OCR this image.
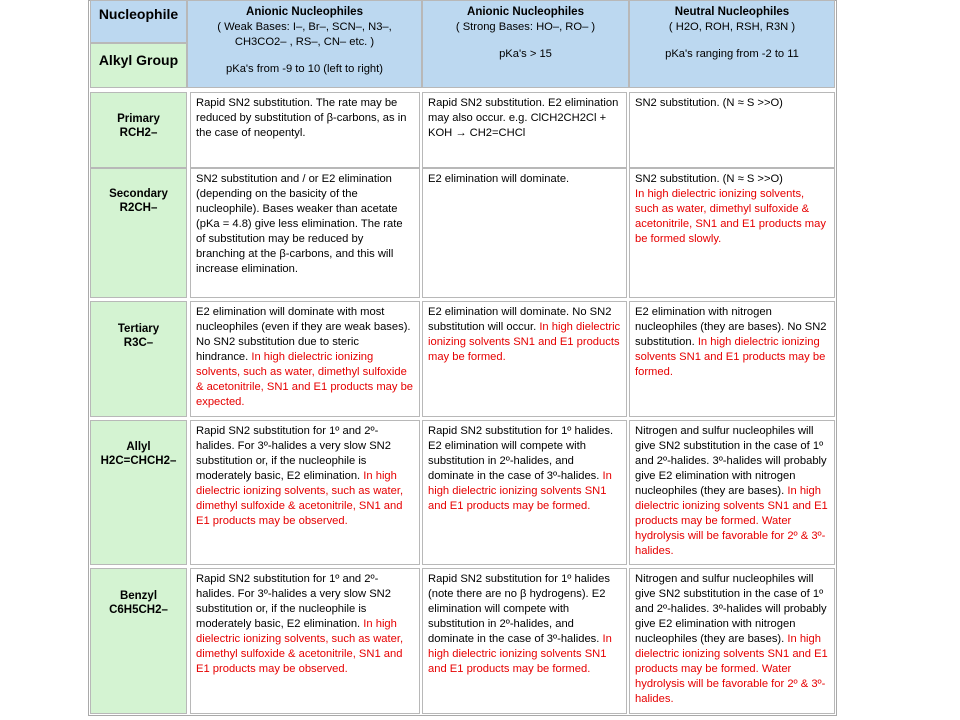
Nucleophile
Alkyl Group
Anionic Nucleophiles
( Weak Bases: I–, Br–, SCN–, N3–,
CH3CO2– , RS–, CN– etc. )
pKa's from -9 to 10 (left to right)
Anionic Nucleophiles
( Strong Bases: HO–, RO– )
pKa's > 15
Neutral Nucleophiles
( H2O, ROH, RSH, R3N )
pKa's ranging from -2 to 11
Primary
RCH2–
Rapid SN2 substitution. The rate may be reduced by substitution of β-carbons, as in the case of neopentyl.
Rapid SN2 substitution. E2 elimination may also occur. e.g. ClCH2CH2Cl + KOH → CH2=CHCl
SN2 substitution. (N ≈ S >>O)
Secondary
R2CH–
SN2 substitution and / or E2 elimination (depending on the basicity of the nucleophile). Bases weaker than acetate (pKa = 4.8) give less elimination. The rate of substitution may be reduced by branching at the β-carbons, and this will increase elimination.
E2 elimination will dominate.	SN2 substitution. (N ≈ S >>O)
In high dielectric ionizing solvents, such as water, dimethyl sulfoxide & acetonitrile, SN1 and E1 products may be formed slowly.
Tertiary
R3C–
E2 elimination will dominate with most nucleophiles (even if they are weak bases). No SN2 substitution due to steric hindrance. In high dielectric ionizing solvents, such as water, dimethyl sulfoxide & acetonitrile, SN1 and E1 products may be expected.
E2 elimination will dominate. No SN2 substitution will occur. In high dielectric ionizing solvents SN1 and E1 products may be formed.
E2 elimination with nitrogen nucleophiles (they are bases). No SN2 substitution. In high dielectric ionizing solvents SN1 and E1 products may be formed.
Allyl
H2C=CHCH2–
Rapid SN2 substitution for 1º and 2º-halides. For 3º-halides a very slow SN2 substitution or, if the nucleophile is moderately basic, E2 elimination. In high dielectric ionizing solvents, such as water, dimethyl sulfoxide & acetonitrile, SN1 and E1 products may be observed.
Rapid SN2 substitution for 1º halides. E2 elimination will compete with substitution in 2º-halides, and dominate in the case of 3º-halides. In high dielectric ionizing solvents SN1 and E1 products may be formed.
Nitrogen and sulfur nucleophiles will give SN2 substitution in the case of 1º and 2º-halides. 3º-halides will probably give E2 elimination with nitrogen nucleophiles (they are bases). In high dielectric ionizing solvents SN1 and E1 products may be formed. Water hydrolysis will be favorable for 2º & 3º-halides.
Benzyl
C6H5CH2–
Rapid SN2 substitution for 1º and 2º-halides. For 3º-halides a very slow SN2 substitution or, if the nucleophile is moderately basic, E2 elimination. In high dielectric ionizing solvents, such as water, dimethyl sulfoxide & acetonitrile, SN1 and E1 products may be observed.
Rapid SN2 substitution for 1º halides (note there are no β hydrogens). E2 elimination will compete with substitution in 2º-halides, and dominate in the case of 3º-halides. In high dielectric ionizing solvents SN1 and E1 products may be formed.
Nitrogen and sulfur nucleophiles will give SN2 substitution in the case of 1º and 2º-halides. 3º-halides will probably give E2 elimination with nitrogen nucleophiles (they are bases). In high dielectric ionizing solvents SN1 and E1 products may be formed. Water hydrolysis will be favorable for 2º & 3º-halides.
